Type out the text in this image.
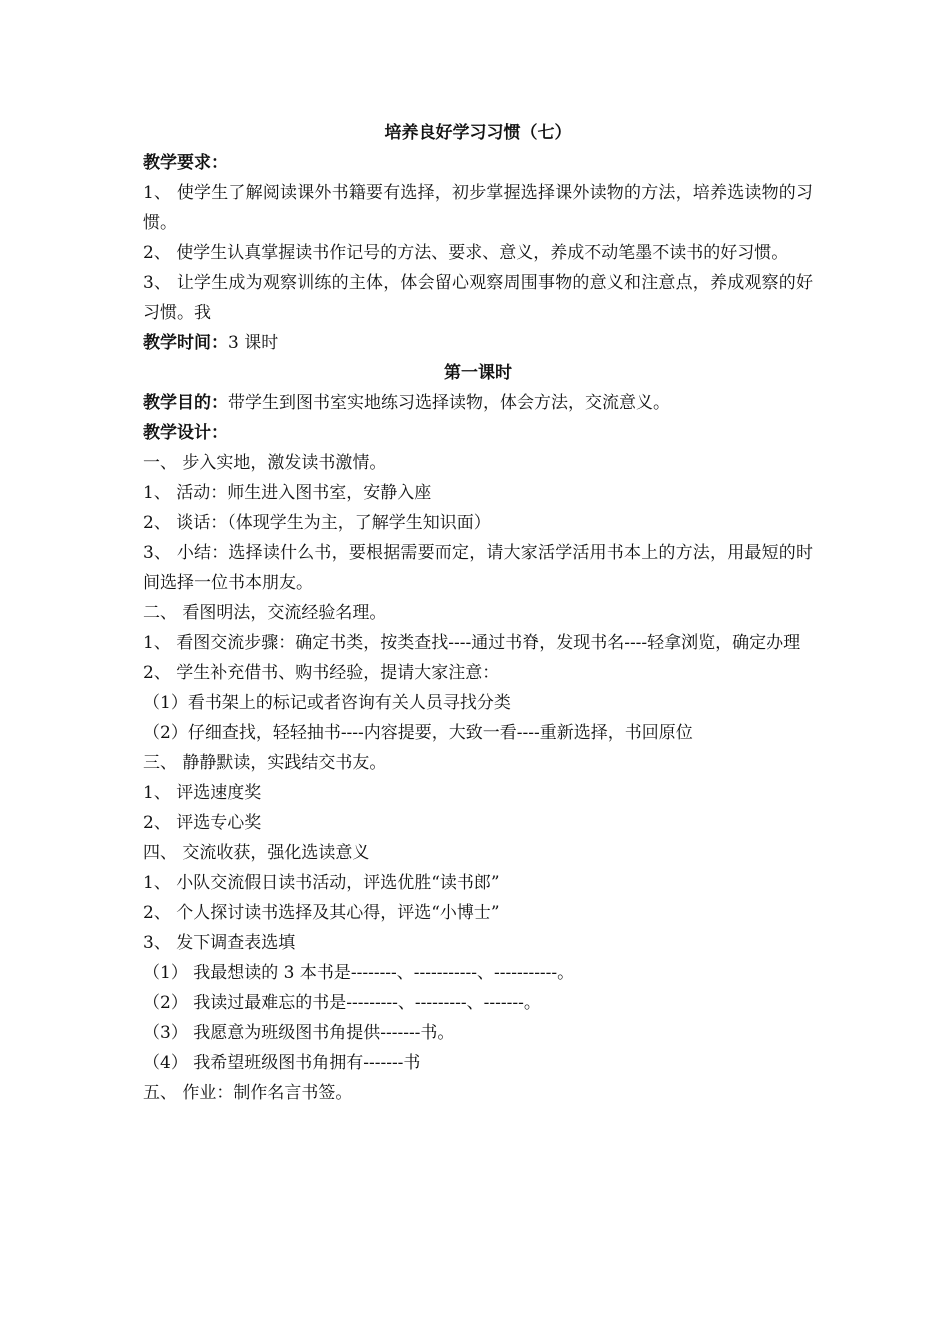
培养良好学习习惯（七）
教学要求：
1、 使学生了解阅读课外书籍要有选择，初步掌握选择课外读物的方法，培养选读物的习惯。
2、 使学生认真掌握读书作记号的方法、要求、意义，养成不动笔墨不读书的好习惯。
3、 让学生成为观察训练的主体，体会留心观察周围事物的意义和注意点，养成观察的好习惯。我
教学时间：3 课时
第一课时
教学目的：带学生到图书室实地练习选择读物，体会方法，交流意义。
教学设计：
一、 步入实地，激发读书激情。
1、 活动：师生进入图书室，安静入座
2、 谈话：（体现学生为主，了解学生知识面）
3、 小结：选择读什么书，要根据需要而定，请大家活学活用书本上的方法，用最短的时间选择一位书本朋友。
二、 看图明法，交流经验名理。
1、 看图交流步骤：确定书类，按类查找----通过书脊，发现书名----轻拿浏览，确定办理
2、 学生补充借书、购书经验，提请大家注意：
（1）看书架上的标记或者咨询有关人员寻找分类
（2）仔细查找，轻轻抽书----内容提要，大致一看----重新选择，书回原位
三、 静静默读，实践结交书友。
1、 评选速度奖
2、 评选专心奖
四、 交流收获，强化选读意义
1、 小队交流假日读书活动，评选优胜“读书郎”
2、 个人探讨读书选择及其心得，评选“小博士”
3、 发下调查表选填
（1） 我最想读的 3 本书是--------、-----------、-----------。
（2） 我读过最难忘的书是---------、---------、-------。
（3） 我愿意为班级图书角提供-------书。
（4） 我希望班级图书角拥有-------书
五、 作业：制作名言书签。
